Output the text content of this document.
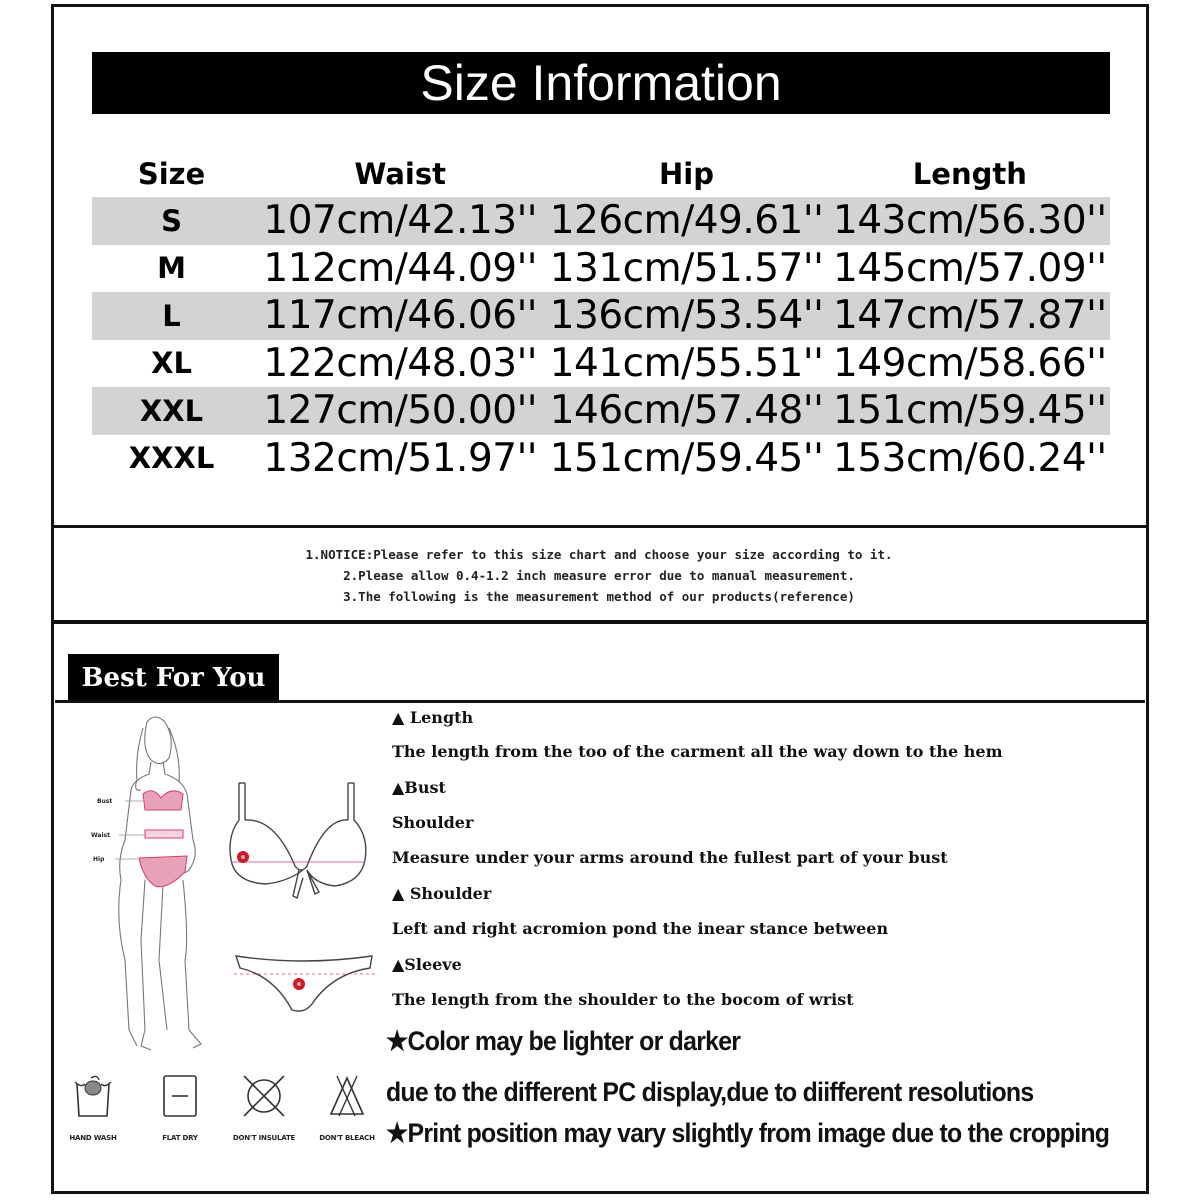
Size Information
Size	Waist	Hip	Length
S	107cm/42.13'' 126cm/49.61'' 143cm/56.30''
M	112cm/44.09'' 131cm/51.57'' 145cm/57.09''
L	117cm/46.06'' 136cm/53.54'' 147cm/57.87''
XL	122cm/48.03'' 141cm/55.51'' 149cm/58.66''
XXL	127cm/50.00'' 146cm/57.48'' 151cm/59.45''
XXXL	132cm/51.97'' 151cm/59.45'' 153cm/60.24''
1.NOTICE:Please refer to this size chart and choose your size according to it.
2.Please allow 0.4-1.2 inch measure error due to manual measurement.
3.The following is the measurement method of our products(reference)
Best For You
Bust
Waist
Hip
HAND WASH	FLAT DRY	DON'T INSULATE	DON'T BLEACH
▲ Length
The length from the too of the carment all the way down to the hem
▲Bust
Shoulder
Measure under your arms around the fullest part of your bust
▲ Shoulder
Left and right acromion pond the inear stance between
▲Sleeve
The length from the shoulder to the bocom of wrist
★Color may be lighter or darker
due to the different PC display,due to diifferent resolutions
★Print position may vary slightly from image due to the cropping
